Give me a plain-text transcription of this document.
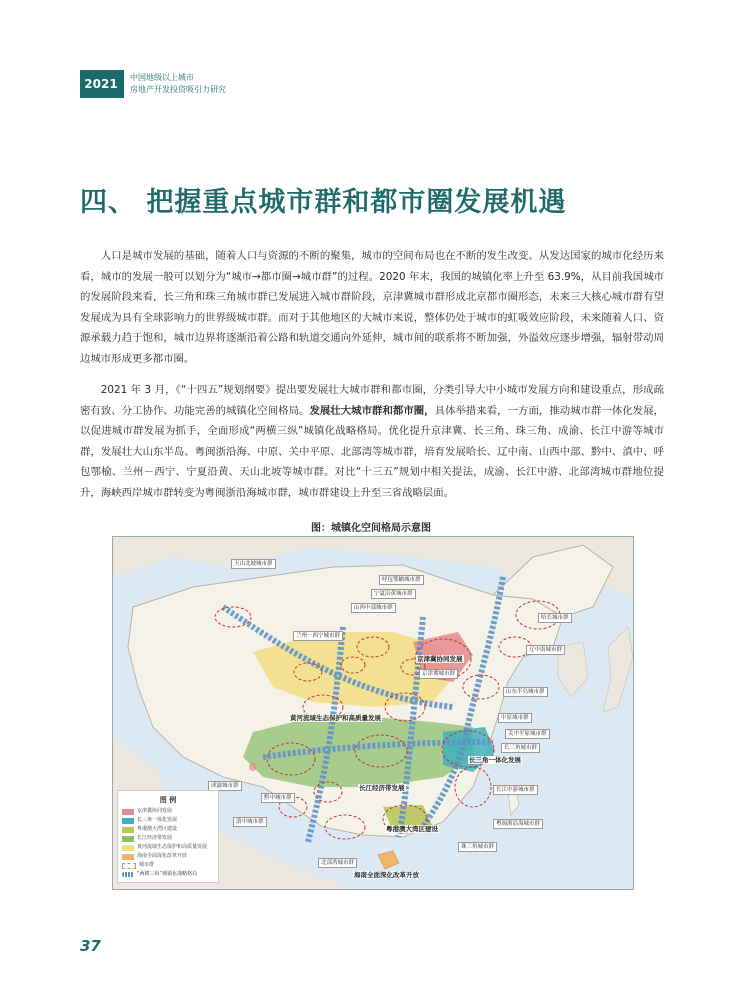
2021	中国地级以上城市
房地产开发投资吸引力研究
四、 把握重点城市群和都市圈发展机遇

人口是城市发展的基础，随着人口与资源的不断的聚集，城市的空间布局也在不断的发生改变。从发达国家的城市化经历来看，城市的发展一般可以划分为“城市→都市圈→城市群”的过程。2020 年末，我国的城镇化率上升至 63.9%，从目前我国城市的发展阶段来看，长三角和珠三角城市群已发展进入城市群阶段，京津冀城市群形成北京都市圈形态，未来三大核心城市群有望发展成为具有全球影响力的世界级城市群。而对于其他地区的大城市来说，整体仍处于城市的虹吸效应阶段，未来随着人口、资源承载力趋于饱和，城市边界将逐渐沿着公路和轨道交通向外延伸，城市间的联系将不断加强，外溢效应逐步增强，辐射带动周边城市形成更多都市圈。

2021 年 3 月，《“十四五”规划纲要》提出要发展壮大城市群和都市圈，分类引导大中小城市发展方向和建设重点，形成疏密有致、分工协作、功能完善的城镇化空间格局。发展壮大城市群和都市圈，具体举措来看，一方面，推动城市群一体化发展，以促进城市群发展为抓手，全面形成“两横三纵”城镇化战略格局。优化提升京津冀、长三角、珠三角、成渝、长江中游等城市群，发展壮大山东半岛、粤闽浙沿海、中原、关中平原、北部湾等城市群，培育发展哈长、辽中南、山西中部、黔中、滇中、呼包鄂榆、兰州－西宁、宁夏沿黄、天山北坡等城市群。对比“十三五”规划中相关提法，成渝、长江中游、北部湾城市群地位提升，海峡西岸城市群转变为粤闽浙沿海城市群，城市群建设上升至三省战略层面。

图：城镇化空间格局示意图
天山北坡城市群
呼包鄂榆城市群
宁夏沿黄城市群
山西中部城市群
兰州－西宁城市群
哈长城市群
辽中南城市群
京津冀协同发展
京津冀城市群
山东半岛城市群
中原城市群
黄河流域生态保护和高质量发展
关中平原城市群
长三角城市群
长三角一体化发展
成渝城市群	长江经济带发展	长江中游城市群
黔中城市群
滇中城市群	粤闽浙沿海城市群
粤港澳大湾区建设
珠三角城市群
北部湾城市群
海南全面深化改革开放
图 例
京津冀协同发展
长三角一体化发展
粤港澳大湾区建设
长江经济带发展
黄河流域生态保护和高质量发展
海南全面深化改革开放
城市群
“两横三纵”城镇化战略格局
37
